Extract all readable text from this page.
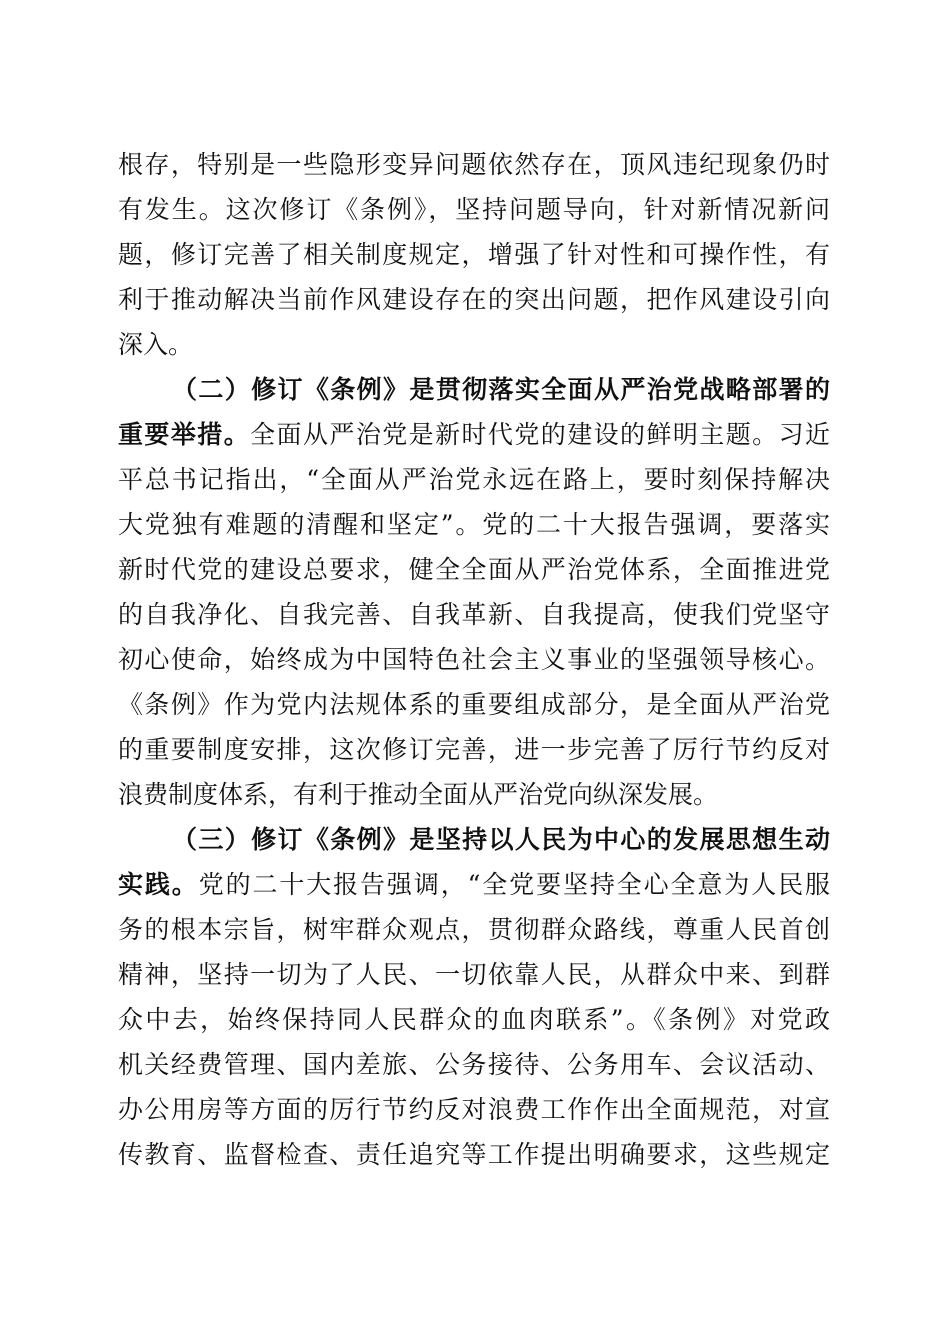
根存，特别是一些隐形变异问题依然存在，顶风违纪现象仍时
有发生。这次修订《条例》，坚持问题导向，针对新情况新问
题，修订完善了相关制度规定，增强了针对性和可操作性，有
利于推动解决当前作风建设存在的突出问题，把作风建设引向
深入。
（二）修订《条例》是贯彻落实全面从严治党战略部署的
重要举措。全面从严治党是新时代党的建设的鲜明主题。习近
平总书记指出，“全面从严治党永远在路上，要时刻保持解决
大党独有难题的清醒和坚定”。党的二十大报告强调，要落实
新时代党的建设总要求，健全全面从严治党体系，全面推进党
的自我净化、自我完善、自我革新、自我提高，使我们党坚守
初心使命，始终成为中国特色社会主义事业的坚强领导核心。
《条例》作为党内法规体系的重要组成部分，是全面从严治党
的重要制度安排，这次修订完善，进一步完善了厉行节约反对
浪费制度体系，有利于推动全面从严治党向纵深发展。
（三）修订《条例》是坚持以人民为中心的发展思想生动
实践。党的二十大报告强调，“全党要坚持全心全意为人民服
务的根本宗旨，树牢群众观点，贯彻群众路线，尊重人民首创
精神，坚持一切为了人民、一切依靠人民，从群众中来、到群
众中去，始终保持同人民群众的血肉联系”。《条例》对党政
机关经费管理、国内差旅、公务接待、公务用车、会议活动、
办公用房等方面的厉行节约反对浪费工作作出全面规范，对宣
传教育、监督检查、责任追究等工作提出明确要求，这些规定
